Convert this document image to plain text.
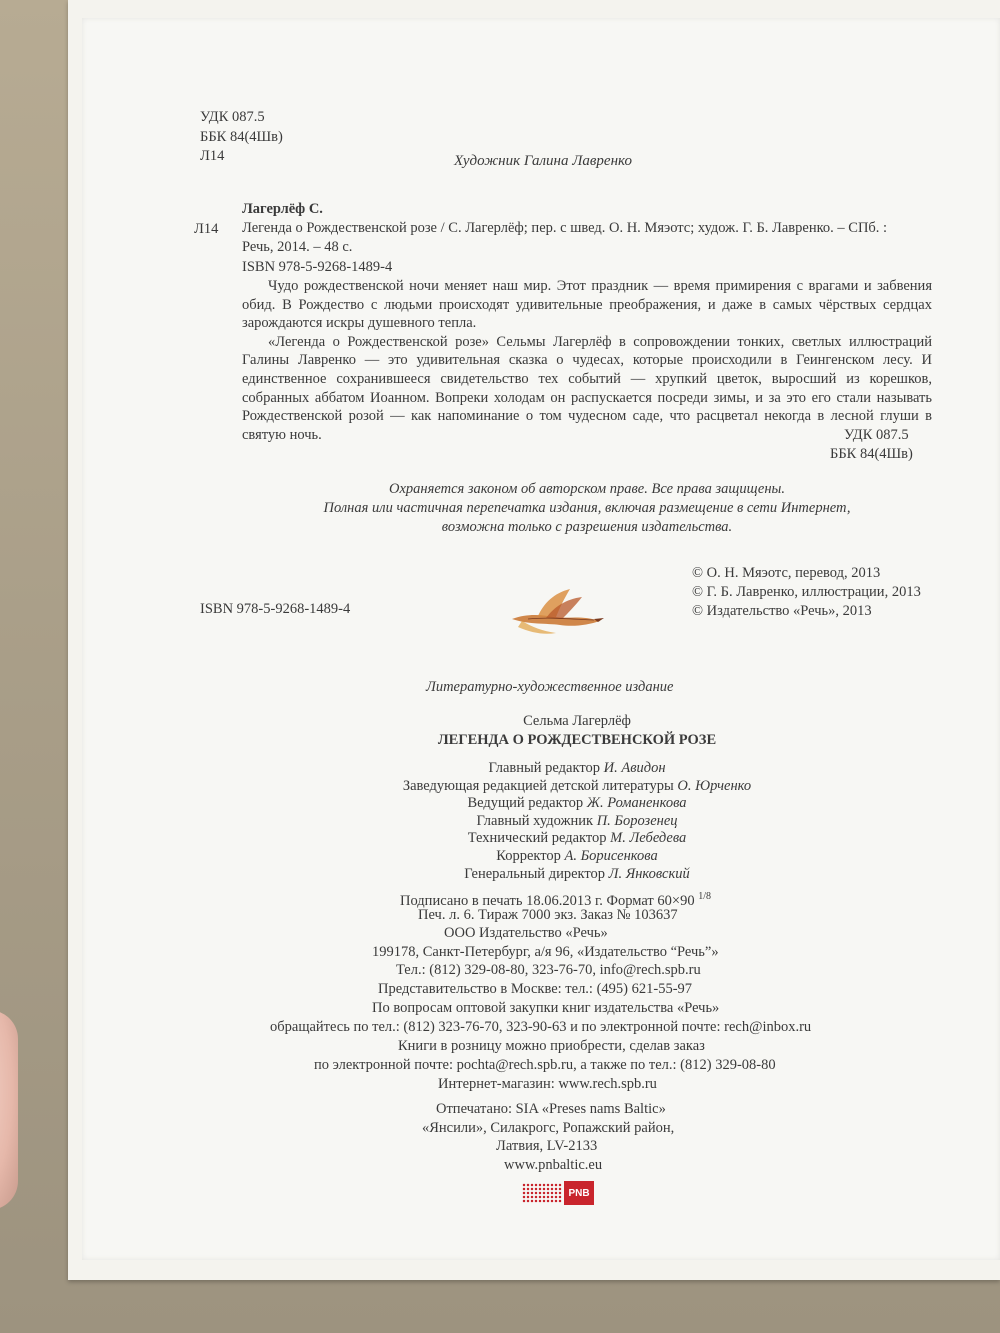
УДК 087.5
ББК 84(4Шв)
Л14	Художник Галина Лавренко
Л14
Лагерлёф С.
Легенда о Рождественской розе / С. Лагерлёф; пер. с швед. О. Н. Мяэотс; худож. Г. Б. Лавренко. – СПб. :
Речь, 2014. – 48 с.
ISBN 978-5-9268-1489-4

Чудо рождественской ночи меняет наш мир. Этот праздник — время примирения с врагами и забвения обид. В Рождество с людьми происходят удивительные преображения, и даже в самых чёрствых сердцах зарождаются искры душевного тепла.

«Легенда о Рождественской розе» Сельмы Лагерлёф в сопровождении тонких, светлых иллюстраций Галины Лавренко — это удивительная сказка о чудесах, которые происходили в Геингенском лесу. И единственное сохранившееся свидетельство тех событий — хрупкий цветок, выросший из корешков, собранных аббатом Иоанном. Вопреки холодам он распускается посреди зимы, и за это его стали называть Рождественской розой — как напоминание о том чудесном саде, что расцветал некогда в лесной глуши в святую ночь.	УДК 087.5
ББК 84(4Шв)
Охраняется законом об авторском праве. Все права защищены.
Полная или частичная перепечатка издания, включая размещение в сети Интернет,
возможна только с разрешения издательства.
© О. Н. Мяэотс, перевод, 2013
© Г. Б. Лавренко, иллюстрации, 2013
© Издательство «Речь», 2013
ISBN 978-5-9268-1489-4
Литературно-художественное издание
Сельма Лагерлёф
ЛЕГЕНДА О РОЖДЕСТВЕНСКОЙ РОЗЕ
Главный редактор И. Авидон
Заведующая редакцией детской литературы О. Юрченко
Ведущий редактор Ж. Романенкова
Главный художник П. Борозенец
Технический редактор М. Лебедева
Корректор А. Борисенкова
Генеральный директор Л. Янковский
Подписано в печать 18.06.2013 г. Формат 60×90 $^{1/8}$
Печ. л. 6. Тираж 7000 экз. Заказ № 103637
ООО Издательство «Речь»
199178, Санкт-Петербург, а/я 96, «Издательство “Речь”»
Тел.: (812) 329-08-80, 323-76-70, info@rech.spb.ru
Представительство в Москве: тел.: (495) 621-55-97
По вопросам оптовой закупки книг издательства «Речь»
обращайтесь по тел.: (812) 323-76-70, 323-90-63 и по электронной почте: rech@inbox.ru
Книги в розницу можно приобрести, сделав заказ
по электронной почте: pochta@rech.spb.ru, а также по тел.: (812) 329-08-80
Интернет-магазин: www.rech.spb.ru
Отпечатано: SIA «Preses nams Baltic»
«Янсили», Силакрогс, Ропажский район,
Латвия, LV-2133
www.pnbaltic.eu
PNB
